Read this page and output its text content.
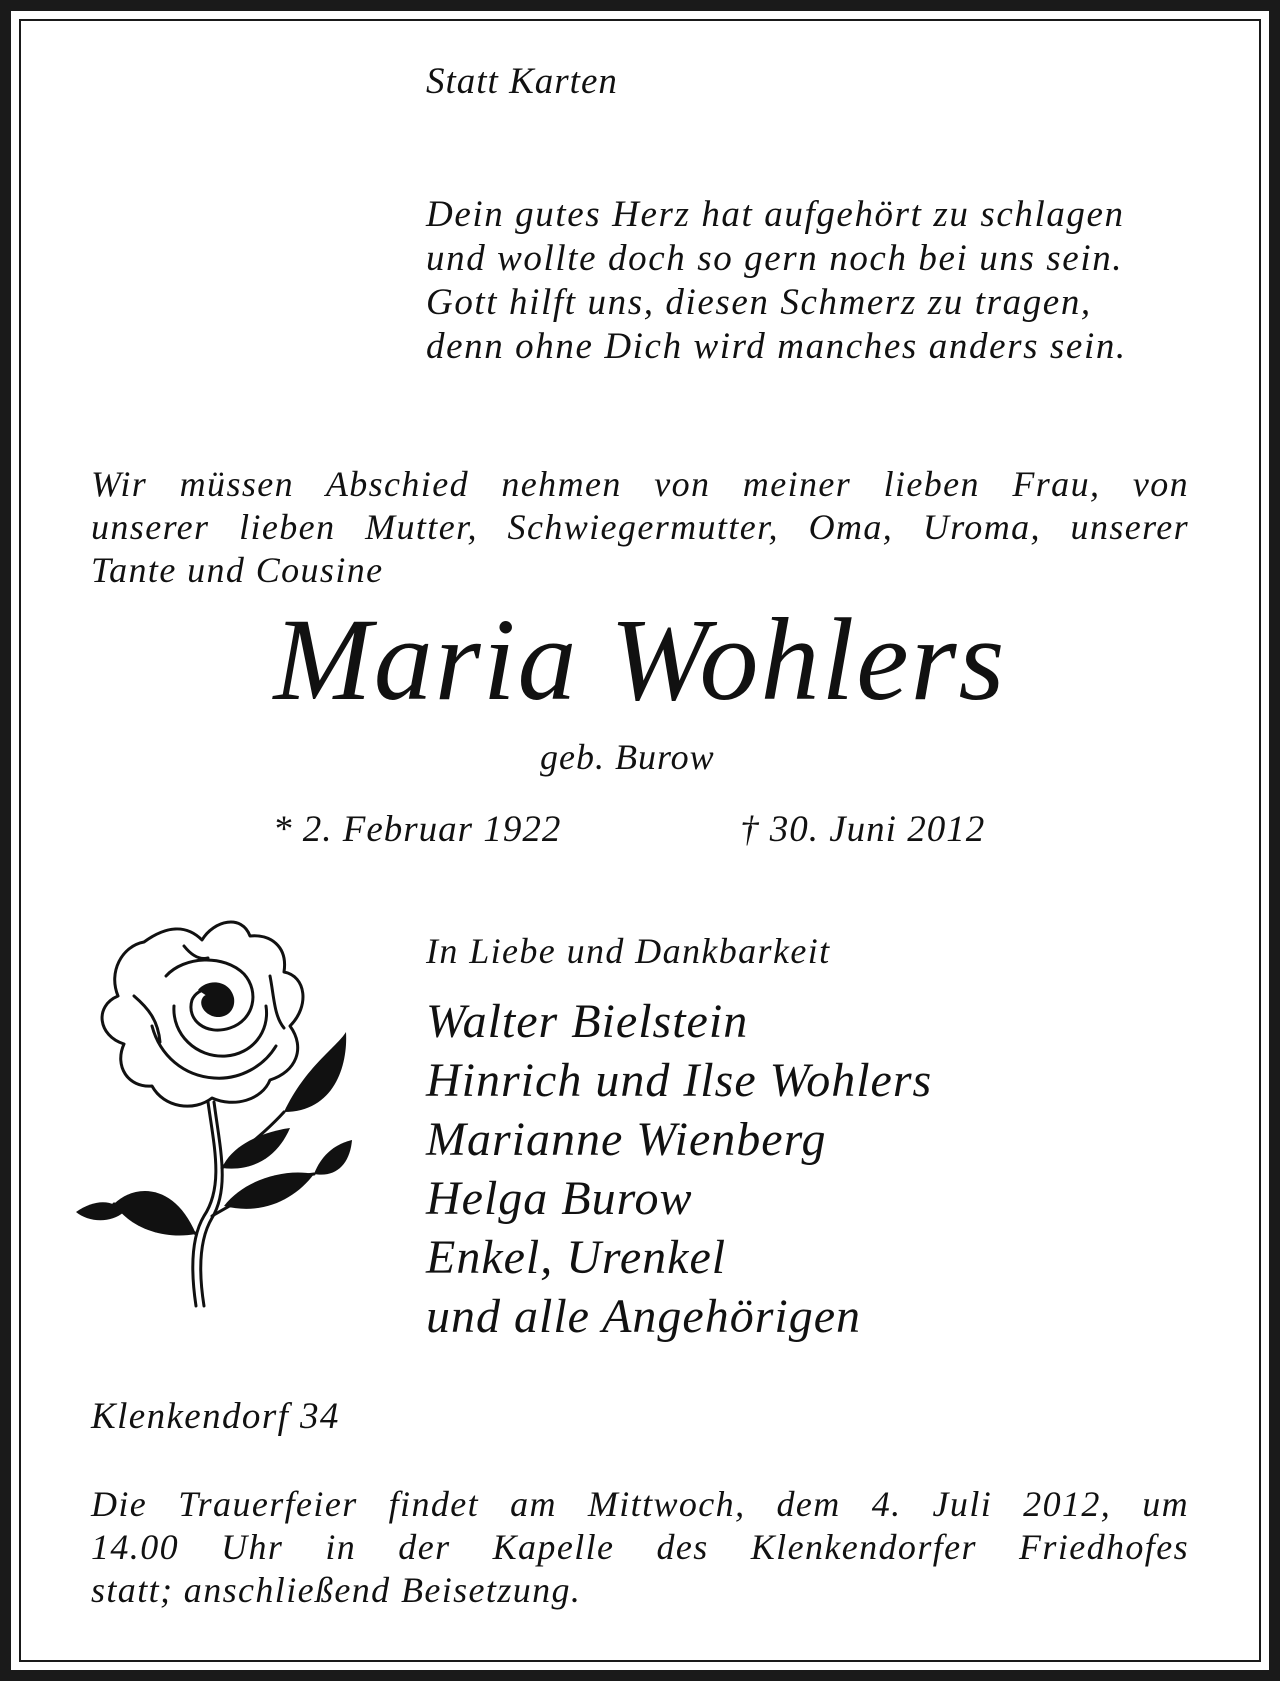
Statt Karten

Dein gutes Herz hat aufgehört zu schlagen
und wollte doch so gern noch bei uns sein.
Gott hilft uns, diesen Schmerz zu tragen,
denn ohne Dich wird manches anders sein.
Wir müssen Abschied nehmen von meiner lieben Frau, von
unserer lieben Mutter, Schwiegermutter, Oma, Uroma, unserer
Tante und Cousine
Maria Wohlers

geb. Burow

* 2. Februar 1922	† 30. Juni 2012

In Liebe und Dankbarkeit

Walter Bielstein
Hinrich und Ilse Wohlers
Marianne Wienberg
Helga Burow
Enkel, Urenkel
und alle Angehörigen

Klenkendorf 34

Die Trauerfeier findet am Mittwoch, dem 4. Juli 2012, um
14.00 Uhr in der Kapelle des Klenkendorfer Friedhofes
statt; anschließend Beisetzung.
